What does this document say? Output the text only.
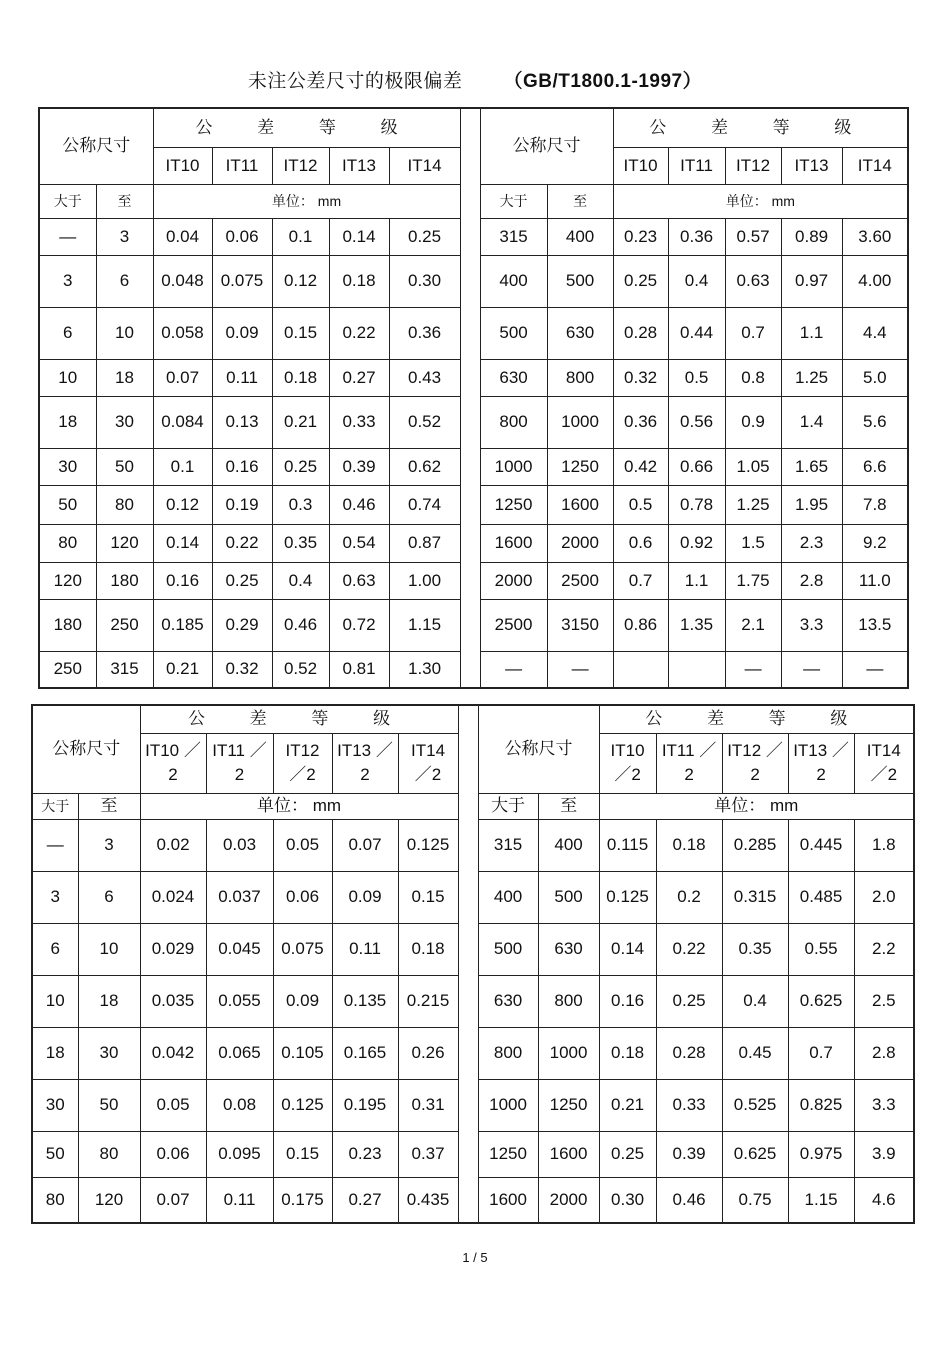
未注公差尺寸的极限偏差 （GB/T1800.1-1997）
公称尺寸		公 差 等 级						公称尺寸		公 差 等 级				
		IT10	IT11	IT12	IT13	IT14				IT10	IT11	IT12	IT13	IT14
大于	至	单位： mm						大于	至	单位： mm				
—	3	0.04	0.06	0.1	0.14	0.25		315	400	0.23	0.36	0.57	0.89	3.60
3	6	0.048	0.075	0.12	0.18	0.30		400	500	0.25	0.4	0.63	0.97	4.00
6	10	0.058	0.09	0.15	0.22	0.36		500	630	0.28	0.44	0.7	1.1	4.4
10	18	0.07	0.11	0.18	0.27	0.43		630	800	0.32	0.5	0.8	1.25	5.0
18	30	0.084	0.13	0.21	0.33	0.52		800	1000	0.36	0.56	0.9	1.4	5.6
30	50	0.1	0.16	0.25	0.39	0.62		1000	1250	0.42	0.66	1.05	1.65	6.6
50	80	0.12	0.19	0.3	0.46	0.74		1250	1600	0.5	0.78	1.25	1.95	7.8
80	120	0.14	0.22	0.35	0.54	0.87		1600	2000	0.6	0.92	1.5	2.3	9.2
120	180	0.16	0.25	0.4	0.63	1.00		2000	2500	0.7	1.1	1.75	2.8	11.0
180	250	0.185	0.29	0.46	0.72	1.15		2500	3150	0.86	1.35	2.1	3.3	13.5
250	315	0.21	0.32	0.52	0.81	1.30		—	—			—	—	—
公称尺寸		公 差 等 级						公称尺寸		公 差 等 级				
		IT10 ／2	IT11 ／2	IT12 ／2	IT13 ／2	IT14 ／2				IT10 ／2	IT11 ／2	IT12 ／2	IT13 ／2	IT14 ／2
大于	至	单位： mm						大于	至	单位： mm				
—	3	0.02	0.03	0.05	0.07	0.125		315	400	0.115	0.18	0.285	0.445	1.8
3	6	0.024	0.037	0.06	0.09	0.15		400	500	0.125	0.2	0.315	0.485	2.0
6	10	0.029	0.045	0.075	0.11	0.18		500	630	0.14	0.22	0.35	0.55	2.2
10	18	0.035	0.055	0.09	0.135	0.215		630	800	0.16	0.25	0.4	0.625	2.5
18	30	0.042	0.065	0.105	0.165	0.26		800	1000	0.18	0.28	0.45	0.7	2.8
30	50	0.05	0.08	0.125	0.195	0.31		1000	1250	0.21	0.33	0.525	0.825	3.3
50	80	0.06	0.095	0.15	0.23	0.37		1250	1600	0.25	0.39	0.625	0.975	3.9
80	120	0.07	0.11	0.175	0.27	0.435		1600	2000	0.30	0.46	0.75	1.15	4.6
1 / 5
